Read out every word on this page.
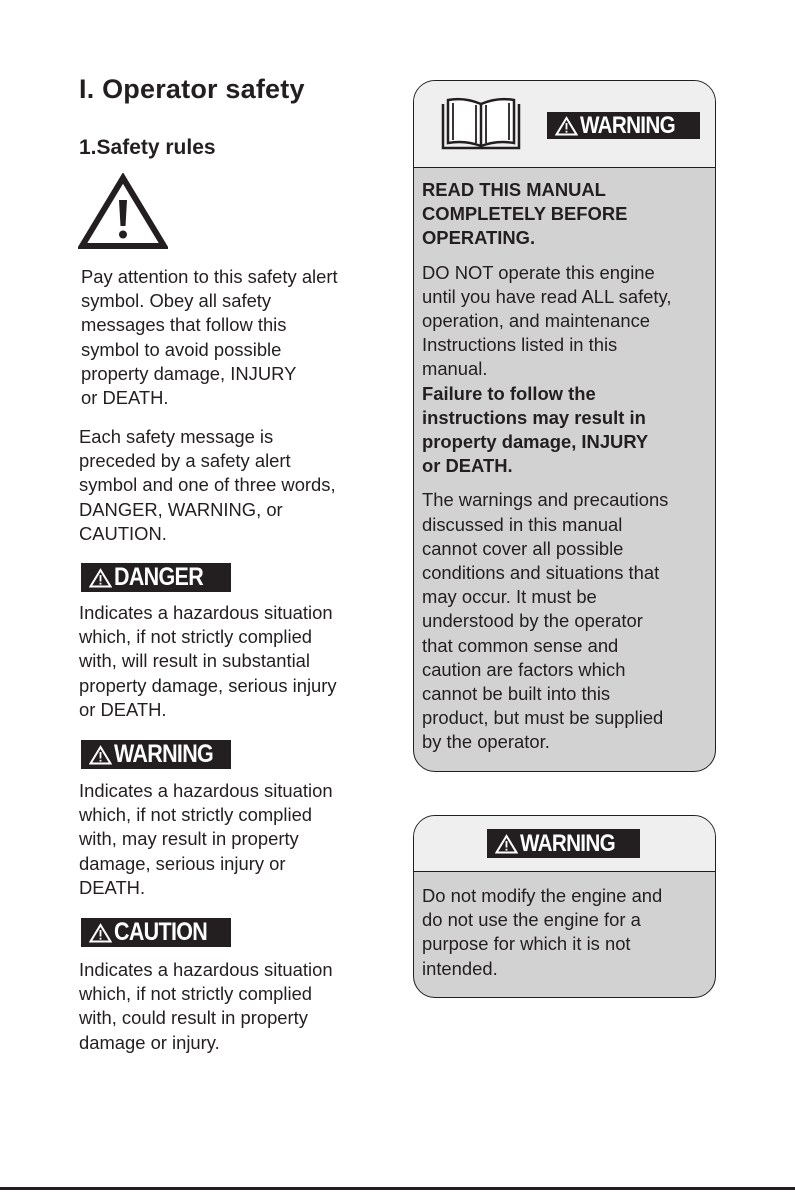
I. Operator safety
1.Safety rules
Pay attention to this safety alert
symbol. Obey all safety
messages that follow this
symbol to avoid possible
property damage, INJURY
or DEATH.
Each safety message is
preceded by a safety alert
symbol and one of three words,
DANGER, WARNING, or
CAUTION.
DANGER
Indicates a hazardous situation
which, if not strictly complied
with, will result in substantial
property damage, serious injury
or DEATH.
WARNING
Indicates a hazardous situation
which, if not strictly complied
with, may result in property
damage, serious injury or
DEATH.
CAUTION
Indicates a hazardous situation
which, if not strictly complied
with, could result in property
damage or injury.
WARNING
READ THIS MANUAL
COMPLETELY BEFORE
OPERATING.
DO NOT operate this engine
until you have read ALL safety,
operation, and maintenance
Instructions listed in this
manual.
Failure to follow the
instructions may result in
property damage, INJURY
or DEATH.
The warnings and precautions
discussed in this manual
cannot cover all possible
conditions and situations that
may occur. It must be
understood by the operator
that common sense and
caution are factors which
cannot be built into this
product, but must be supplied
by the operator.
WARNING
Do not modify the engine and
do not use the engine for a
purpose for which it is not
intended.
